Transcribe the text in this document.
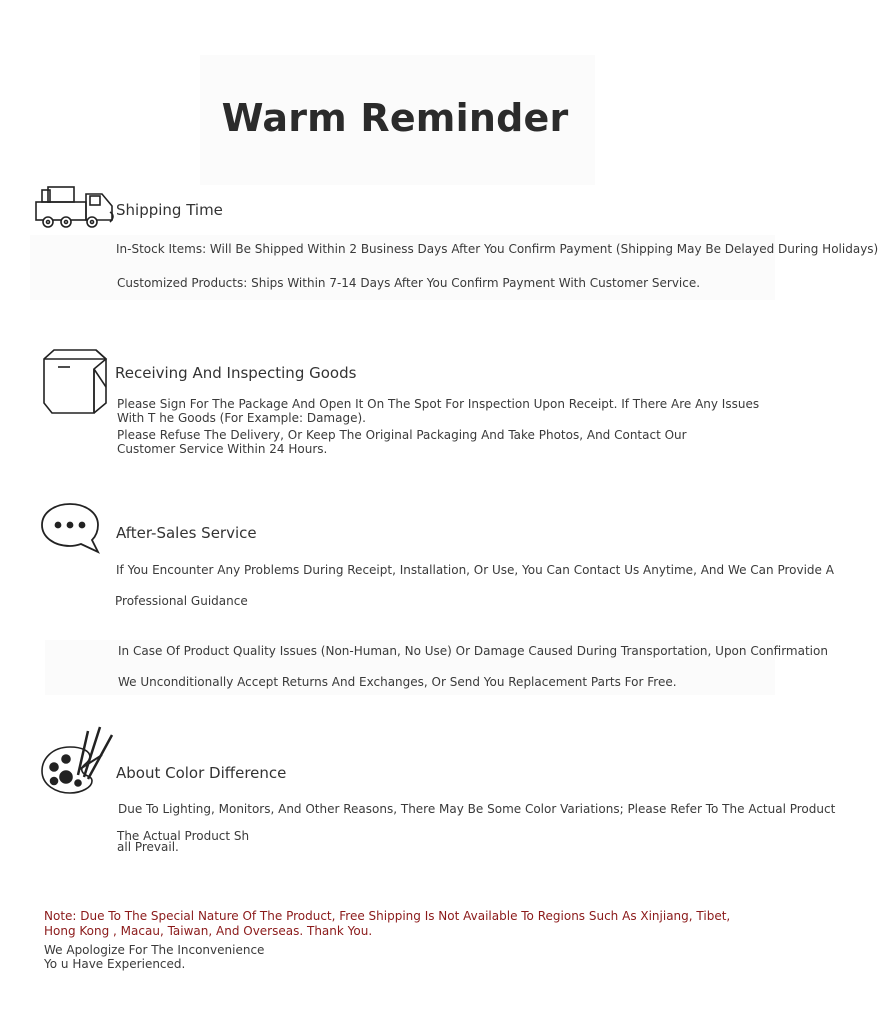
Warm Reminder
Shipping Time
In-Stock Items: Will Be Shipped Within 2 Business Days After You Confirm Payment (Shipping May Be Delayed During Holidays)
Customized Products: Ships Within 7-14 Days After You Confirm Payment With Customer Service.
Receiving And Inspecting Goods
Please Sign For The Package And Open It On The Spot For Inspection Upon Receipt. If There Are Any Issues With T he Goods (For Example: Damage).
Please Refuse The Delivery, Or Keep The Original Packaging And Take Photos, And Contact Our Customer Service Within 24 Hours.
After-Sales Service
If You Encounter Any Problems During Receipt, Installation, Or Use, You Can Contact Us Anytime, And We Can Provide A
Professional Guidance
In Case Of Product Quality Issues (Non-Human, No Use) Or Damage Caused During Transportation, Upon Confirmation
We Unconditionally Accept Returns And Exchanges, Or Send You Replacement Parts For Free.
About Color Difference
Due To Lighting, Monitors, And Other Reasons, There May Be Some Color Variations; Please Refer To The Actual Product
The Actual Product Sh
all Prevail.
Note: Due To The Special Nature Of The Product, Free Shipping Is Not Available To Regions Such As Xinjiang, Tibet, Hong Kong , Macau, Taiwan, And Overseas. Thank You.
We Apologize For The Inconvenience Yo u Have Experienced.
